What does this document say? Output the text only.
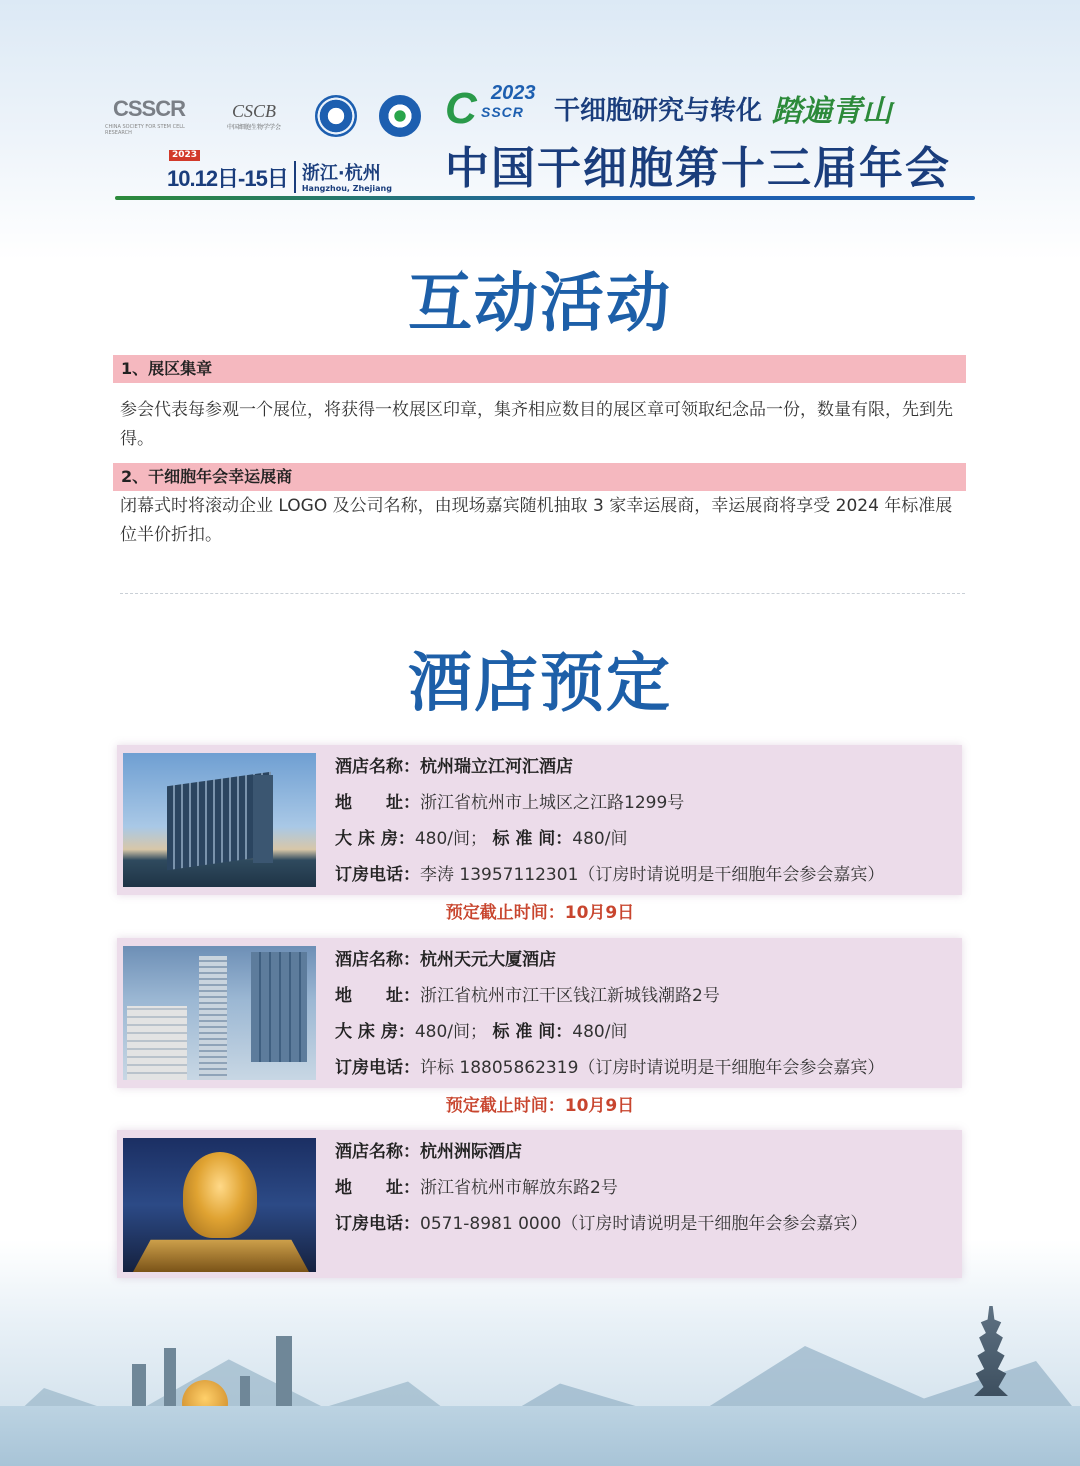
CSSCR
CHINA SOCIETY FOR STEM CELL RESEARCH
CSCB
中国细胞生物学学会
2023
10.12日-15日 浙江·杭州
Hangzhou, Zhejiang
C 2023
SSCR 干细胞研究与转化 踏遍青山
中国干细胞第十三届年会
互动活动
1、展区集章
参会代表每参观一个展位，将获得一枚展区印章，集齐相应数目的展区章可领取纪念品一份，数量有限，先到先得。
2、干细胞年会幸运展商
闭幕式时将滚动企业 LOGO 及公司名称，由现场嘉宾随机抽取 3 家幸运展商，幸运展商将享受 2024 年标准展位半价折扣。
酒店预定
酒店名称：杭州瑞立江河汇酒店
地　　址：浙江省杭州市上城区之江路1299号
大 床 房：480/间； 标 准 间：480/间
订房电话：李涛 13957112301（订房时请说明是干细胞年会参会嘉宾）
预定截止时间：10月9日
酒店名称：杭州天元大厦酒店
地　　址：浙江省杭州市江干区钱江新城钱潮路2号
大 床 房：480/间； 标 准 间：480/间
订房电话：许标 18805862319（订房时请说明是干细胞年会参会嘉宾）
预定截止时间：10月9日
酒店名称：杭州洲际酒店
地　　址：浙江省杭州市解放东路2号
订房电话：0571-8981 0000（订房时请说明是干细胞年会参会嘉宾）
